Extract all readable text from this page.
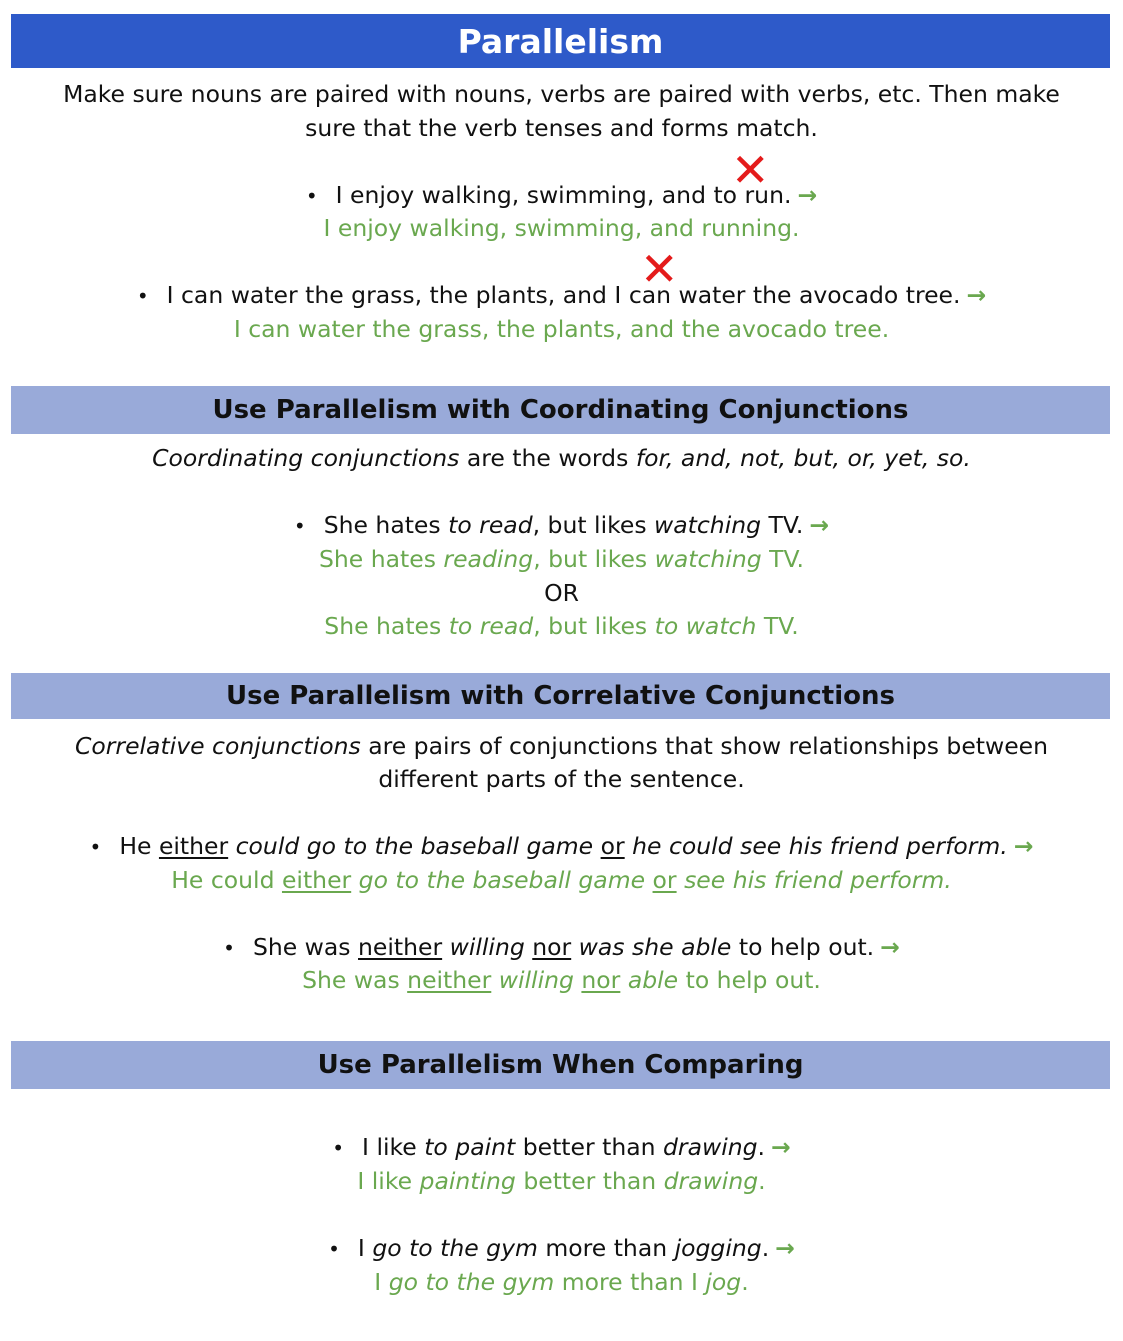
Parallelism
Make sure nouns are paired with nouns, verbs are paired with verbs, etc. Then make
sure that the verb tenses and forms match.
• I enjoy walking, swimming, and to run. →
✕
I enjoy walking, swimming, and running.
• I can water the grass, the plants, and I can water the avocado tree. →
✕
I can water the grass, the plants, and the avocado tree.
Use Parallelism with Coordinating Conjunctions
Coordinating conjunctions are the words for, and, not, but, or, yet, so.
• She hates to read, but likes watching TV. →
She hates reading, but likes watching TV.
OR
She hates to read, but likes to watch TV.
Use Parallelism with Correlative Conjunctions
Correlative conjunctions are pairs of conjunctions that show relationships between
different parts of the sentence.
• He either could go to the baseball game or he could see his friend perform. →
He could either go to the baseball game or see his friend perform.
• She was neither willing nor was she able to help out. →
She was neither willing nor able to help out.
Use Parallelism When Comparing
• I like to paint better than drawing. →
I like painting better than drawing.
• I go to the gym more than jogging. →
I go to the gym more than I jog.
